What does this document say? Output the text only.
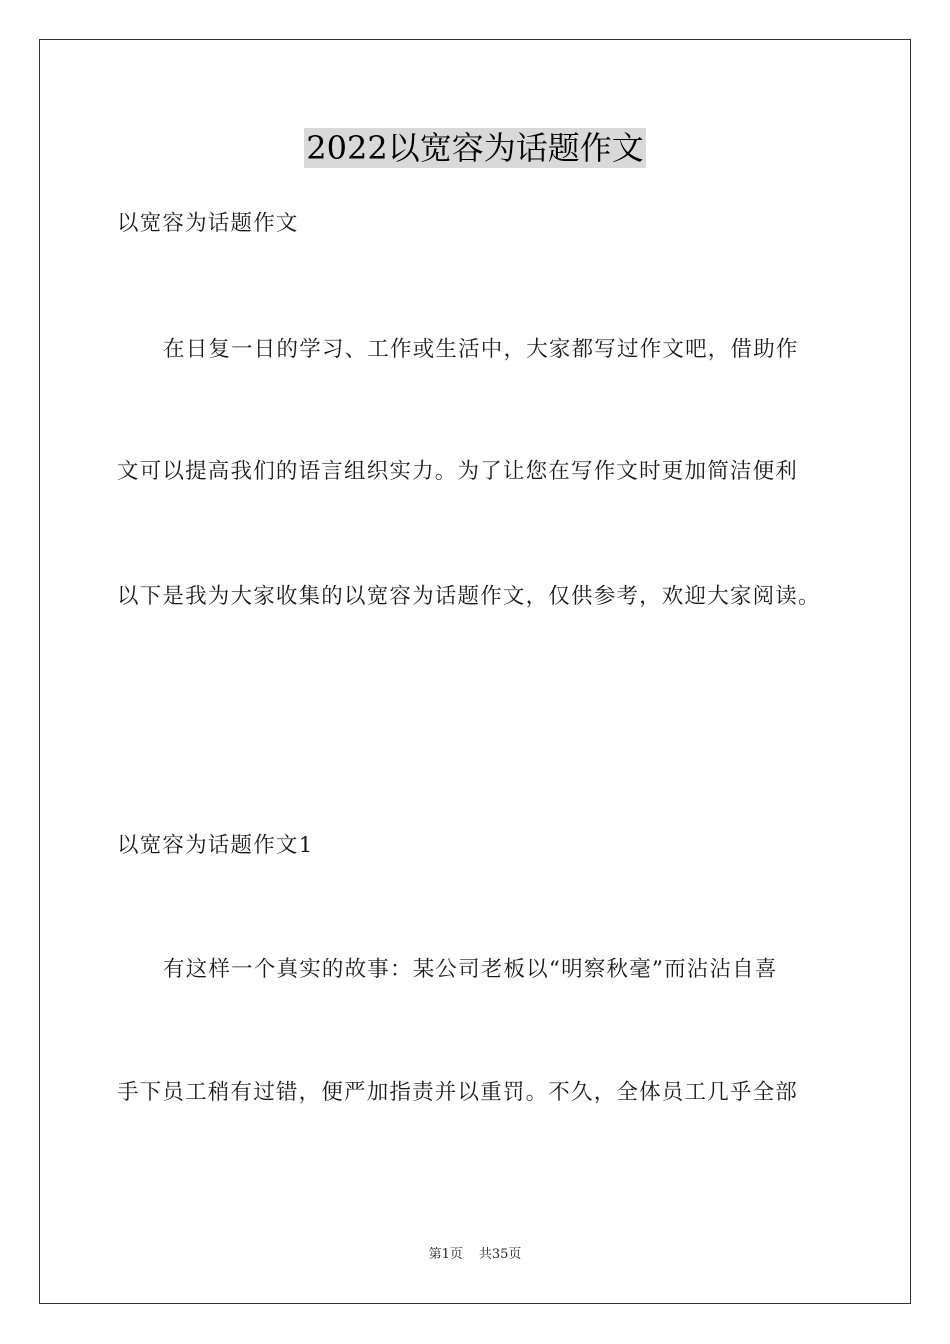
2022以宽容为话题作文
以宽容为话题作文
在日复一日的学习、工作或生活中，大家都写过作文吧，借助作
文可以提高我们的语言组织实力。为了让您在写作文时更加简洁便利
以下是我为大家收集的以宽容为话题作文，仅供参考，欢迎大家阅读。
以宽容为话题作文1
有这样一个真实的故事：某公司老板以“明察秋毫”而沾沾自喜
手下员工稍有过错，便严加指责并以重罚。不久，全体员工几乎全部
第1页 共35页
